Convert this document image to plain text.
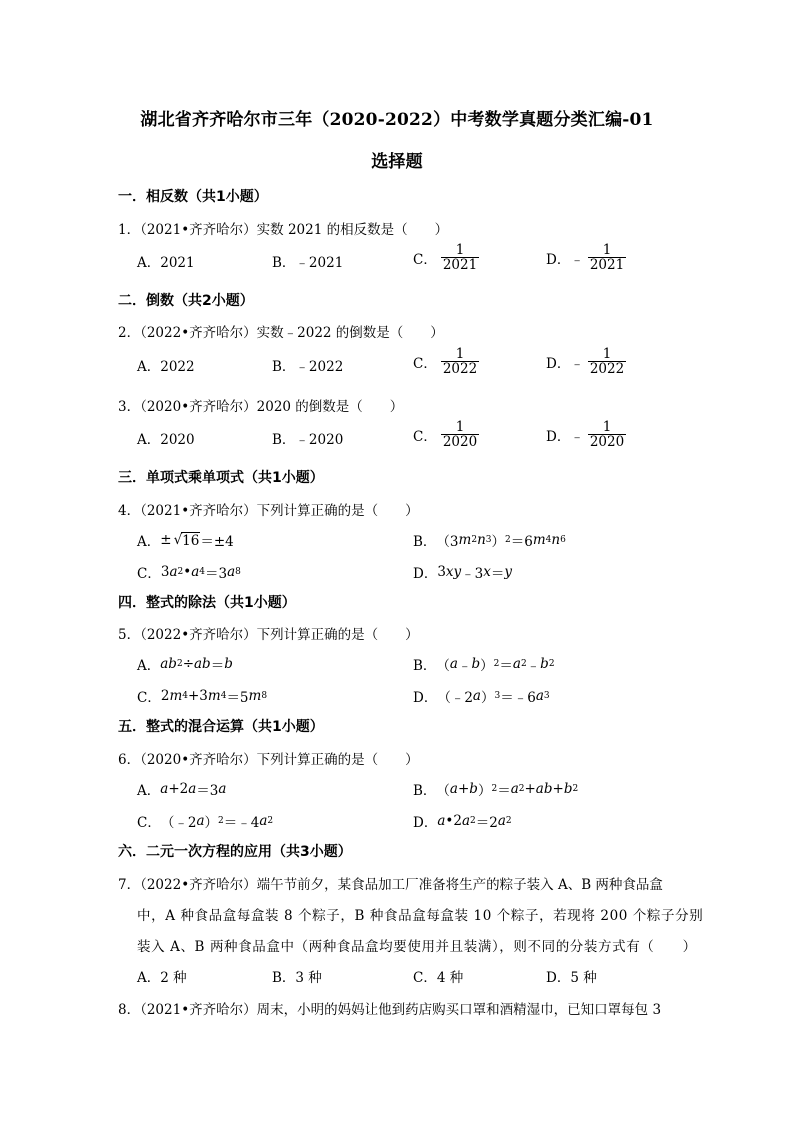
湖北省齐齐哈尔市三年（2020-2022）中考数学真题分类汇编-01
选择题
一．相反数（共1小题）
1．（2021•齐齐哈尔）实数 2021 的相反数是（　　）
A．2021	B．﹣2021	C． $\frac{1}{2021}$	D．﹣ $\frac{1}{2021}$
二．倒数（共2小题）
2．（2022•齐齐哈尔）实数﹣2022 的倒数是（　　）
A．2022	B．﹣2022	C． $\frac{1}{2022}$	D． ﹣ $\frac{1}{2022}$
3．（2020•齐齐哈尔）2020 的倒数是（　　）
A．2020	B．﹣2020	C． $\frac{1}{2020}$	D． ﹣ $\frac{1}{2020}$
三．单项式乘单项式（共1小题）
4．（2021•齐齐哈尔）下列计算正确的是（　　）
A． ± √ 16 ＝±4	B． （3 m 2 n 3 ） 2 ＝6 m 4 n 6
C． 3 a 2 • a 4 ＝3 a 8	D． 3 xy ﹣3 x ＝ y
四．整式的除法（共1小题）
5．（2022•齐齐哈尔）下列计算正确的是（　　）
A． ab 2 ÷ ab ＝ b	B． （ a ﹣ b ） 2 ＝ a 2 ﹣ b 2
C． 2 m 4 +3 m 4 ＝5 m 8	D． （﹣2 a ） 3 ＝﹣6 a 3
五．整式的混合运算（共1小题）
6．（2020•齐齐哈尔）下列计算正确的是（　　）
A． a +2 a ＝3 a	B． （ a + b ） 2 ＝ a 2 + ab + b 2
C． （﹣2 a ） 2 ＝﹣4 a 2	D． a •2 a 2 ＝2 a 2
六．二元一次方程的应用（共3小题）
7．（2022•齐齐哈尔）端午节前夕，某食品加工厂准备将生产的粽子装入 A、B 两种食品盒
中，A 种食品盒每盒装 8 个粽子，B 种食品盒每盒装 10 个粽子，若现将 200 个粽子分别
装入 A、B 两种食品盒中（两种食品盒均要使用并且装满），则不同的分装方式有（　　）
A．2 种	B．3 种	C．4 种	D．5 种
8．（2021•齐齐哈尔）周末，小明的妈妈让他到药店购买口罩和酒精湿巾，已知口罩每包 3
